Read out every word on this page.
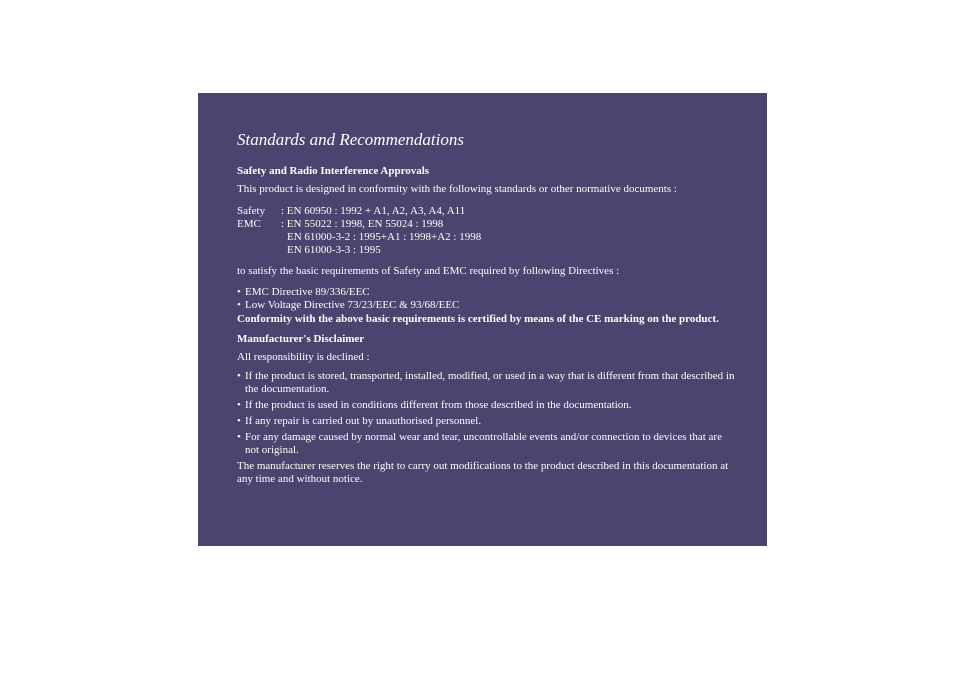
Standards and Recommendations
Safety and Radio Interference Approvals

This product is designed in conformity with the following standards or other normative documents :

Safety	: EN 60950 : 1992 + A1, A2, A3, A4, A11
EMC	: EN 55022 : 1998, EN 55024 : 1998
EN 61000-3-2 : 1995+A1 : 1998+A2 : 1998
EN 61000-3-3 : 1995

to satisfy the basic requirements of Safety and EMC required by following Directives :

• EMC Directive 89/336/EEC
• Low Voltage Directive 73/23/EEC & 93/68/EEC
Conformity with the above basic requirements is certified by means of the CE marking on the product.
Manufacturer's Disclaimer

All responsibility is declined :

• If the product is stored, transported, installed, modified, or used in a way that is different from that described in the documentation.
• If the product is used in conditions different from those described in the documentation.
• If any repair is carried out by unauthorised personnel.
• For any damage caused by normal wear and tear, uncontrollable events and/or connection to devices that are not original.

The manufacturer reserves the right to carry out modifications to the product described in this documentation at any time and without notice.
